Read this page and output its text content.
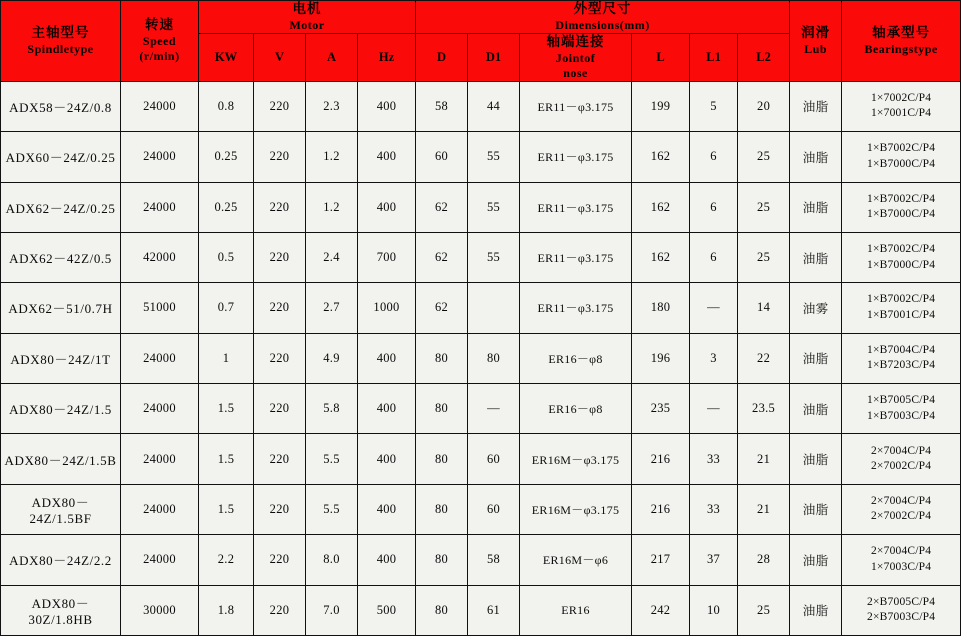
主轴型号
Spindletype	转速
Speed
(r/min)	电机
Motor				外型尺寸
Dimensions(mm)						润滑
Lub	轴承型号
Bearingstype

		KW	V	A	Hz	D	D1	轴端连接
Jointof
nose	L	L1	L2		
ADX58－24Z/0.8	24000	0.8	220	2.3	400	58	44	ER11－φ3.175	199	5	20	油脂	1×7002C/P4
1×7001C/P4

ADX60－24Z/0.25	24000	0.25	220	1.2	400	60	55	ER11－φ3.175	162	6	25	油脂	1×B7002C/P4
1×B7000C/P4

ADX62－24Z/0.25	24000	0.25	220	1.2	400	62	55	ER11－φ3.175	162	6	25	油脂	1×B7002C/P4
1×B7000C/P4

ADX62－42Z/0.5	42000	0.5	220	2.4	700	62	55	ER11－φ3.175	162	6	25	油脂	1×B7002C/P4
1×B7000C/P4

ADX62－51/0.7H	51000	0.7	220	2.7	1000	62		ER11－φ3.175	180	—	14	油雾	1×B7002C/P4
1×B7001C/P4

ADX80－24Z/1T	24000	1	220	4.9	400	80	80	ER16－φ8	196	3	22	油脂	1×B7004C/P4
1×B7203C/P4

ADX80－24Z/1.5	24000	1.5	220	5.8	400	80	—	ER16－φ8	235	—	23.5	油脂	1×B7005C/P4
1×B7003C/P4

ADX80－24Z/1.5B	24000	1.5	220	5.5	400	80	60	ER16M－φ3.175	216	33	21	油脂	2×7004C/P4
2×7002C/P4

ADX80－24Z/1.5BF	24000	1.5	220	5.5	400	80	60	ER16M－φ3.175	216	33	21	油脂	2×7004C/P4
2×7002C/P4

ADX80－24Z/2.2	24000	2.2	220	8.0	400	80	58	ER16M－φ6	217	37	28	油脂	2×7004C/P4
1×7003C/P4

ADX80－30Z/1.8HB	30000	1.8	220	7.0	500	80	61	ER16	242	10	25	油脂	2×B7005C/P4
2×B7003C/P4
